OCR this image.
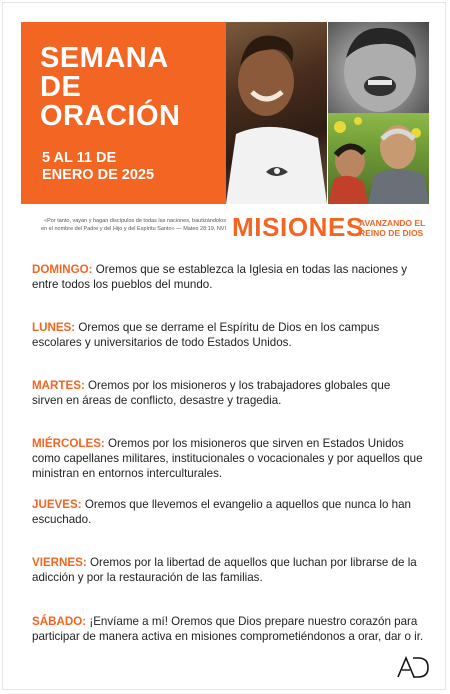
SEMANA
DE
ORACIÓN
5 AL 11 DE
ENERO DE 2025
«Por tanto, vayan y hagan discípulos de todas las naciones, bautizándolos
en el nombre del Padre y del Hijo y del Espíritu Santo» — Mateo 28:19, NVI MISIONES
AVANZANDO EL
REINO DE DIOS
DOMINGO: Oremos que se establezca la Iglesia en todas las naciones y entre todos los pueblos del mundo.
LUNES: Oremos que se derrame el Espíritu de Dios en los campus escolares y universitarios de todo Estados Unidos.
MARTES: Oremos por los misioneros y los trabajadores globales que sirven en áreas de conflicto, desastre y tragedia.
MIÉRCOLES: Oremos por los misioneros que sirven en Estados Unidos como capellanes militares, institucionales o vocacionales y por aquellos que ministran en entornos interculturales.
JUEVES: Oremos que llevemos el evangelio a aquellos que nunca lo han escuchado.
VIERNES: Oremos por la libertad de aquellos que luchan por librarse de la adicción y por la restauración de las familias.
SÁBADO: ¡Envíame a mí! Oremos que Dios prepare nuestro corazón para participar de manera activa en misiones comprometiéndonos a orar, dar o ir.
